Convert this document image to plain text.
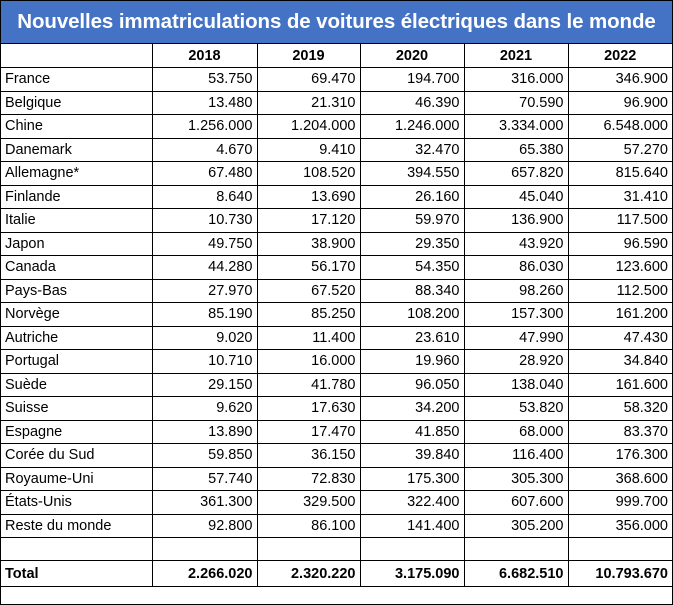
Nouvelles immatriculations de voitures électriques dans le monde
	2018	2019	2020	2021	2022
France	53.750	69.470	194.700	316.000	346.900
Belgique	13.480	21.310	46.390	70.590	96.900
Chine	1.256.000	1.204.000	1.246.000	3.334.000	6.548.000
Danemark	4.670	9.410	32.470	65.380	57.270
Allemagne*	67.480	108.520	394.550	657.820	815.640
Finlande	8.640	13.690	26.160	45.040	31.410
Italie	10.730	17.120	59.970	136.900	117.500
Japon	49.750	38.900	29.350	43.920	96.590
Canada	44.280	56.170	54.350	86.030	123.600
Pays-Bas	27.970	67.520	88.340	98.260	112.500
Norvège	85.190	85.250	108.200	157.300	161.200
Autriche	9.020	11.400	23.610	47.990	47.430
Portugal	10.710	16.000	19.960	28.920	34.840
Suède	29.150	41.780	96.050	138.040	161.600
Suisse	9.620	17.630	34.200	53.820	58.320
Espagne	13.890	17.470	41.850	68.000	83.370
Corée du Sud	59.850	36.150	39.840	116.400	176.300
Royaume-Uni	57.740	72.830	175.300	305.300	368.600
États-Unis	361.300	329.500	322.400	607.600	999.700
Reste du monde	92.800	86.100	141.400	305.200	356.000

Total	2.266.020	2.320.220	3.175.090	6.682.510	10.793.670
